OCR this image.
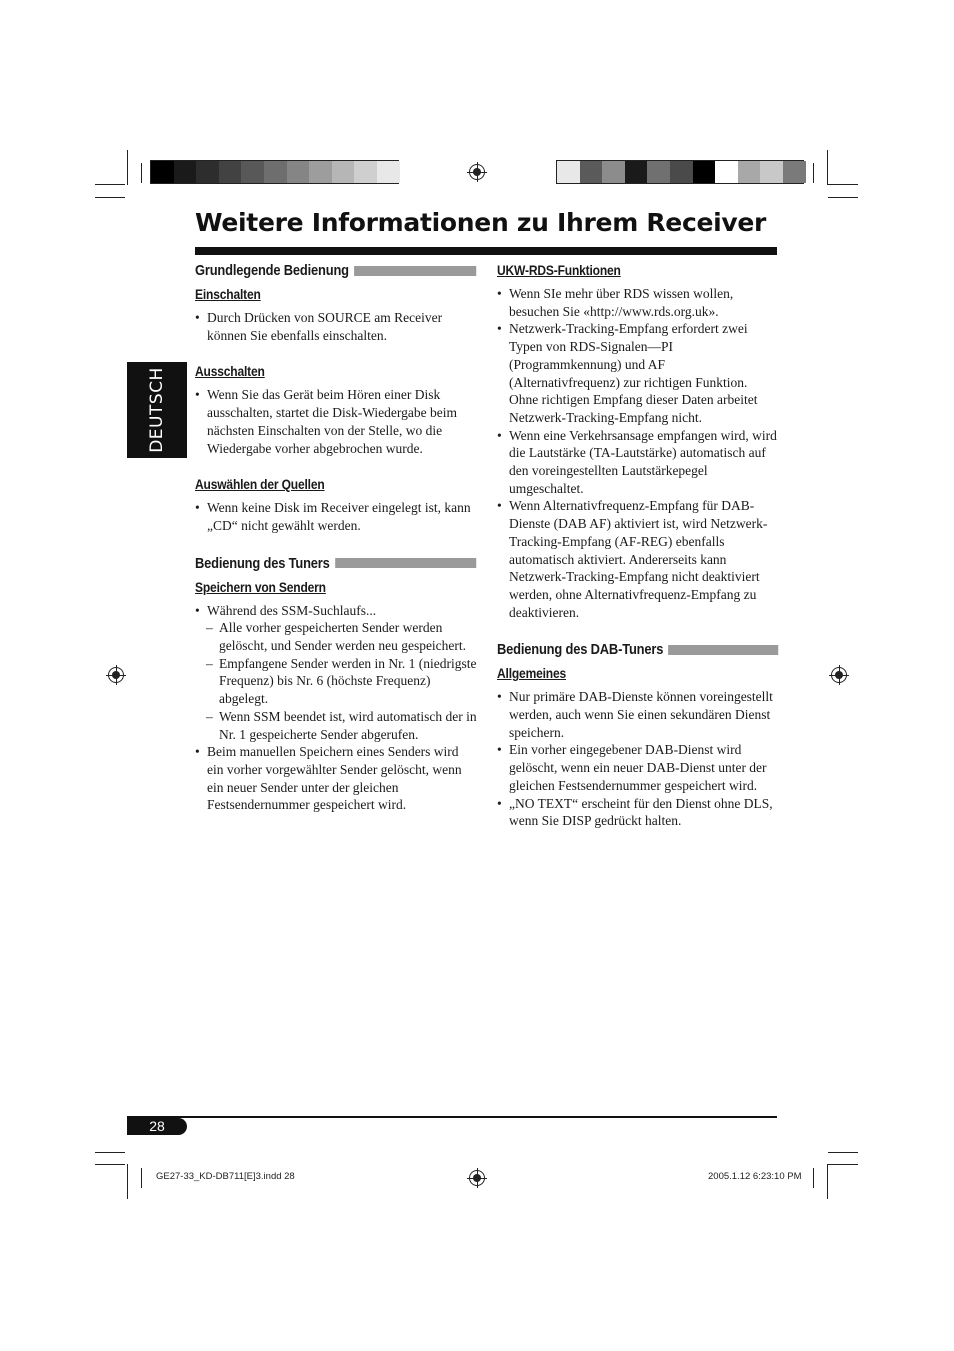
Weitere Informationen zu Ihrem Receiver
DEUTSCH
Grundlegende Bedienung
Einschalten
• Durch Drücken von SOURCE am Receiver können Sie ebenfalls einschalten.
Ausschalten
• Wenn Sie das Gerät beim Hören einer Disk ausschalten, startet die Disk-Wiedergabe beim nächsten Einschalten von der Stelle, wo die Wiedergabe vorher abgebrochen wurde.
Auswählen der Quellen
• Wenn keine Disk im Receiver eingelegt ist, kann „CD“ nicht gewählt werden.
Bedienung des Tuners
Speichern von Sendern
• Während des SSM-Suchlaufs...
– Alle vorher gespeicherten Sender werden gelöscht, und Sender werden neu gespeichert.
– Empfangene Sender werden in Nr. 1 (niedrigste Frequenz) bis Nr. 6 (höchste Frequenz) abgelegt.
– Wenn SSM beendet ist, wird automatisch der in Nr. 1 gespeicherte Sender abgerufen.
• Beim manuellen Speichern eines Senders wird ein vorher vorgewählter Sender gelöscht, wenn ein neuer Sender unter der gleichen Festsendernummer gespeichert wird.
UKW-RDS-Funktionen
• Wenn SIe mehr über RDS wissen wollen, besuchen Sie «http://www.rds.org.uk».
• Netzwerk-Tracking-Empfang erfordert zwei Typen von RDS-Signalen—PI (Programmkennung) und AF (Alternativfrequenz) zur richtigen Funktion. Ohne richtigen Empfang dieser Daten arbeitet Netzwerk-Tracking-Empfang nicht.
• Wenn eine Verkehrsansage empfangen wird, wird die Lautstärke (TA-Lautstärke) automatisch auf den voreingestellten Lautstärkepegel umgeschaltet.
• Wenn Alternativfrequenz-Empfang für DAB-Dienste (DAB AF) aktiviert ist, wird Netzwerk-Tracking-Empfang (AF-REG) ebenfalls automatisch aktiviert. Andererseits kann Netzwerk-Tracking-Empfang nicht deaktiviert werden, ohne Alternativfrequenz-Empfang zu deaktivieren.
Bedienung des DAB-Tuners
Allgemeines
• Nur primäre DAB-Dienste können voreingestellt werden, auch wenn Sie einen sekundären Dienst speichern.
• Ein vorher eingegebener DAB-Dienst wird gelöscht, wenn ein neuer DAB-Dienst unter der gleichen Festsendernummer gespeichert wird.
• „NO TEXT“ erscheint für den Dienst ohne DLS, wenn Sie DISP gedrückt halten.
28
GE27-33_KD-DB711[E]3.indd 28	2005.1.12 6:23:10 PM
